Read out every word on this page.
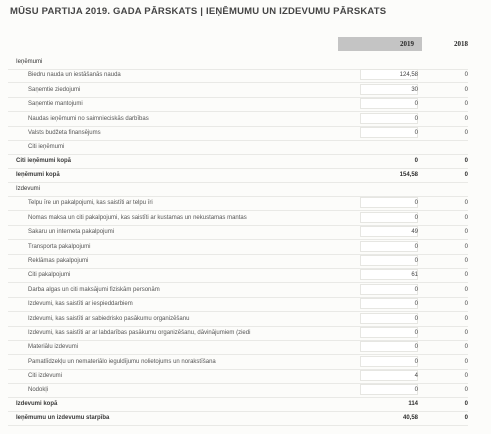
MŪSU PARTIJA 2019. GADA PĀRSKATS | IEŅĒMUMU UN IZDEVUMU PĀRSKATS
2019	2018
Ieņēmumi
Biedru nauda un iestāšanās nauda	124,58	0
Saņemtie ziedojumi	30	0
Saņemtie mantojumi	0	0
Naudas ieņēmumi no saimnieciskās darbības	0	0
Valsts budžeta finansējums	0	0
Citi ieņēmumi
Citi ieņēmumi kopā	0	0
Ieņēmumi kopā	154,58	0
Izdevumi
Telpu īre un pakalpojumi, kas saistīti ar telpu īri	0	0
Nomas maksa un citi pakalpojumi, kas saistīti ar kustamas un nekustamas mantas	0	0
Sakaru un interneta pakalpojumi	49	0
Transporta pakalpojumi	0	0
Reklāmas pakalpojumi	0	0
Citi pakalpojumi	61	0
Darba algas un citi maksājumi fiziskām personām	0	0
Izdevumi, kas saistīti ar iespieddarbiem	0	0
Izdevumi, kas saistīti ar sabiedrisko pasākumu organizēšanu	0	0
Izdevumi, kas saistīti ar ar labdarības pasākumu organizēšanu, dāvinājumiem (ziedi	0	0
Materiālu izdevumi	0	0
Pamatlīdzekļu un nemateriālo ieguldījumu nolietojums un norakstīšana	0	0
Citi izdevumi	4	0
Nodokļi	0	0
Izdevumi kopā	114	0
Ieņēmumu un izdevumu starpība	40,58	0
